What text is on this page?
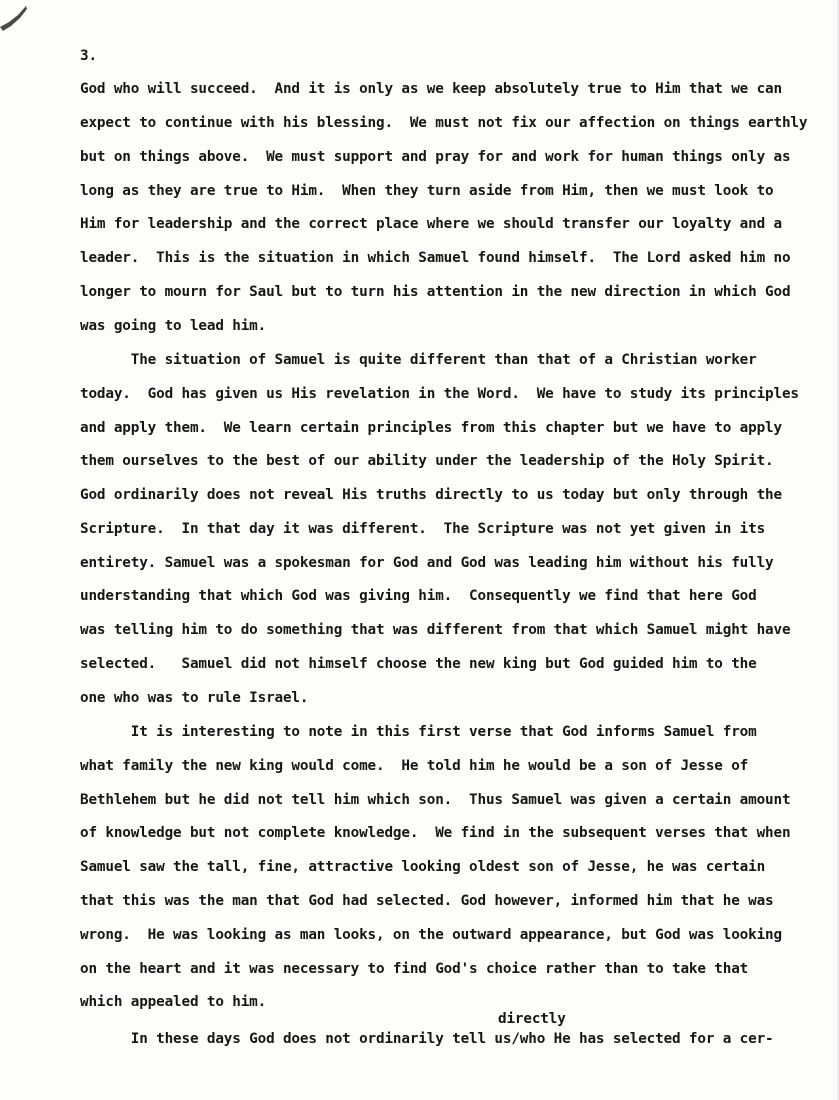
3.
God who will succeed.  And it is only as we keep absolutely true to Him that we can
expect to continue with his blessing.  We must not fix our affection on things earthly
but on things above.  We must support and pray for and work for human things only as
long as they are true to Him.  When they turn aside from Him, then we must look to
Him for leadership and the correct place where we should transfer our loyalty and a
leader.  This is the situation in which Samuel found himself.  The Lord asked him no
longer to mourn for Saul but to turn his attention in the new direction in which God
was going to lead him.
The situation of Samuel is quite different than that of a Christian worker
today.  God has given us His revelation in the Word.  We have to study its principles
and apply them.  We learn certain principles from this chapter but we have to apply
them ourselves to the best of our ability under the leadership of the Holy Spirit.
God ordinarily does not reveal His truths directly to us today but only through the
Scripture.  In that day it was different.  The Scripture was not yet given in its
entirety. Samuel was a spokesman for God and God was leading him without his fully
understanding that which God was giving him.  Consequently we find that here God
was telling him to do something that was different from that which Samuel might have
selected.   Samuel did not himself choose the new king but God guided him to the
one who was to rule Israel.
It is interesting to note in this first verse that God informs Samuel from
what family the new king would come.  He told him he would be a son of Jesse of
Bethlehem but he did not tell him which son.  Thus Samuel was given a certain amount
of knowledge but not complete knowledge.  We find in the subsequent verses that when
Samuel saw the tall, fine, attractive looking oldest son of Jesse, he was certain
that this was the man that God had selected. God however, informed him that he was
wrong.  He was looking as man looks, on the outward appearance, but God was looking
on the heart and it was necessary to find God's choice rather than to take that
which appealed to him.
directly
In these days God does not ordinarily tell us/who He has selected for a cer-
